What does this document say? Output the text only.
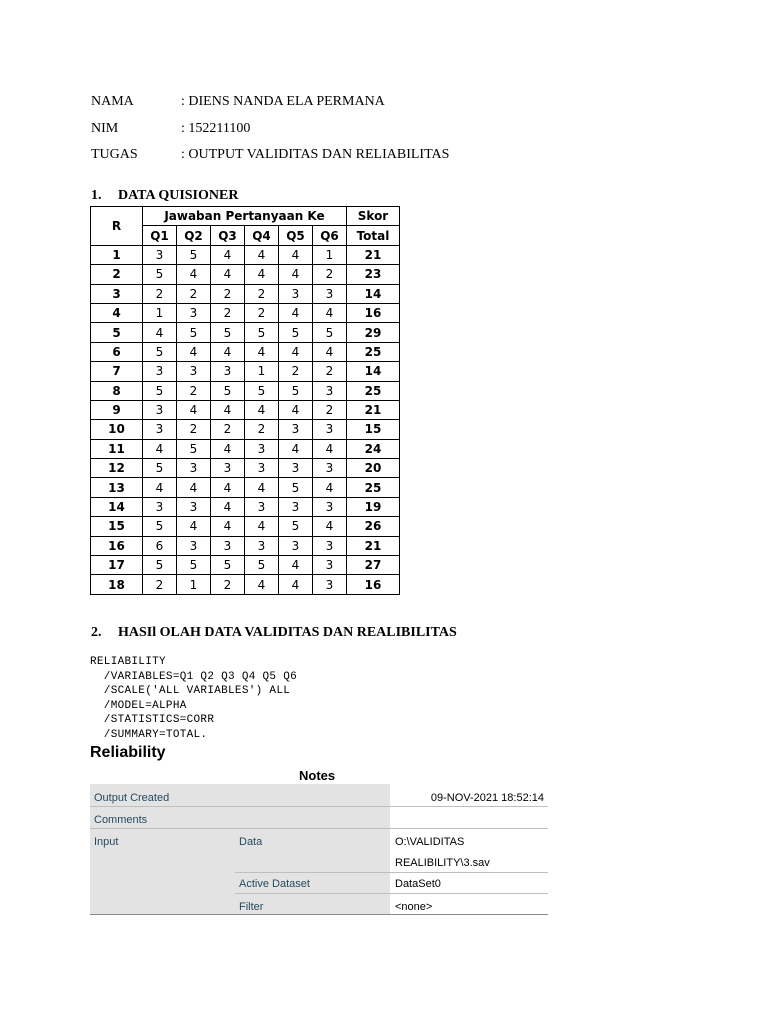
NAMA	: DIENS NANDA ELA PERMANA
NIM	: 152211100
TUGAS	: OUTPUT VALIDITAS DAN RELIABILITAS
1. DATA QUISIONER
R	Jawaban Pertanyaan Ke						Skor
	Q1	Q2	Q3	Q4	Q5	Q6	Total
1	3	5	4	4	4	1	21
2	5	4	4	4	4	2	23
3	2	2	2	2	3	3	14
4	1	3	2	2	4	4	16
5	4	5	5	5	5	5	29
6	5	4	4	4	4	4	25
7	3	3	3	1	2	2	14
8	5	2	5	5	5	3	25
9	3	4	4	4	4	2	21
10	3	2	2	2	3	3	15
11	4	5	4	3	4	4	24
12	5	3	3	3	3	3	20
13	4	4	4	4	5	4	25
14	3	3	4	3	3	3	19
15	5	4	4	4	5	4	26
16	6	3	3	3	3	3	21
17	5	5	5	5	4	3	27
18	2	1	2	4	4	3	16
2. HASIl OLAH DATA VALIDITAS DAN REALIBILITAS
RELIABILITY
/VARIABLES=Q1 Q2 Q3 Q4 Q5 Q6
/SCALE('ALL VARIABLES') ALL
/MODEL=ALPHA
/STATISTICS=CORR
/SUMMARY=TOTAL.
Reliability
Notes
Output Created	09-NOV-2021 18:52:14
Comments
Input	Data	O:\VALIDITAS
REALIBILITY\3.sav
Active Dataset	DataSet0
Filter	<none>
